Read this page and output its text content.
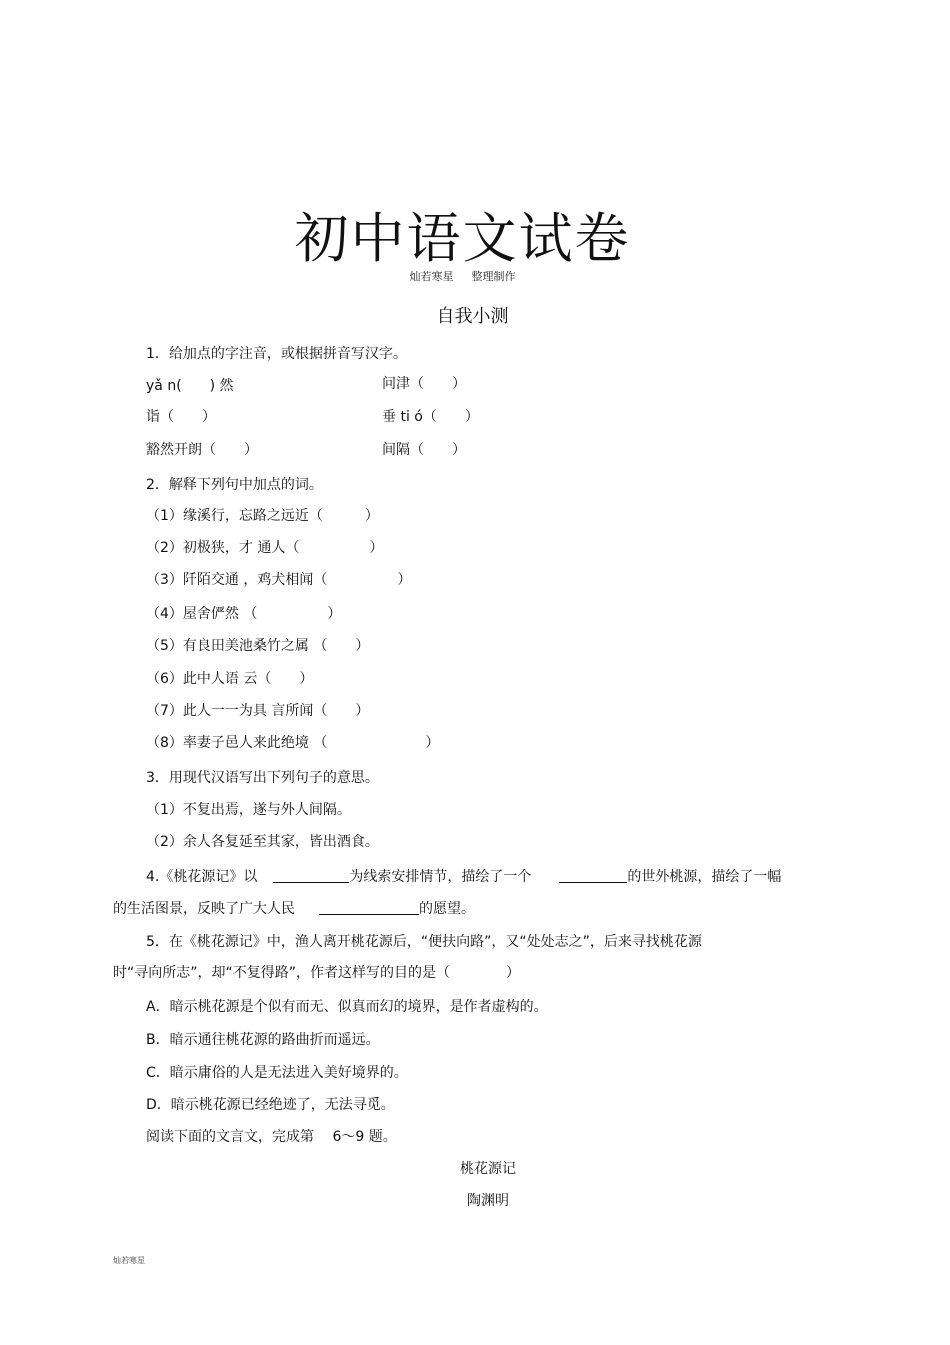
初中语文试卷
灿若寒星 整理制作
自我小测
1．给加点的字注音，或根据拼音写汉字。
yǎ n(　　) 然	问津（　　）
诣（　　）	垂 ti ó（　　）
豁然开朗（　　）	间隔（　　）
2．解释下列句中加点的词。
（1）缘溪行，忘路之远近（　　　）
（2）初极狭，才 通人（　　　　　）
（3）阡陌交通 ，鸡犬相闻（　　　　　）
（4）屋舍俨然 （　　　　　）
（5）有良田美池桑竹之属 （　　）
（6）此中人语 云（　　）
（7）此人一一为具 言所闻（　　）
（8）率妻子邑人来此绝境 （　　　　　　　）
3．用现代汉语写出下列句子的意思。
（1）不复出焉，遂与外人间隔。
（2）余人各复延至其家，皆出酒食。
4.《桃花源记》以	为线索安排情节，描绘了一个	的世外桃源，描绘了一幅
的生活图景，反映了广大人民	的愿望。
5．在《桃花源记》中，渔人离开桃花源后，“便扶向路”，又“处处志之”，后来寻找桃花源
时“寻向所志”，却“不复得路”，作者这样写的目的是（　　　　）
A．暗示桃花源是个似有而无、似真而幻的境界，是作者虚构的。
B．暗示通往桃花源的路曲折而遥远。
C．暗示庸俗的人是无法进入美好境界的。
D．暗示桃花源已经绝迹了，无法寻觅。
阅读下面的文言文，完成第　 6～9 题。
桃花源记
陶渊明
灿若寒星
